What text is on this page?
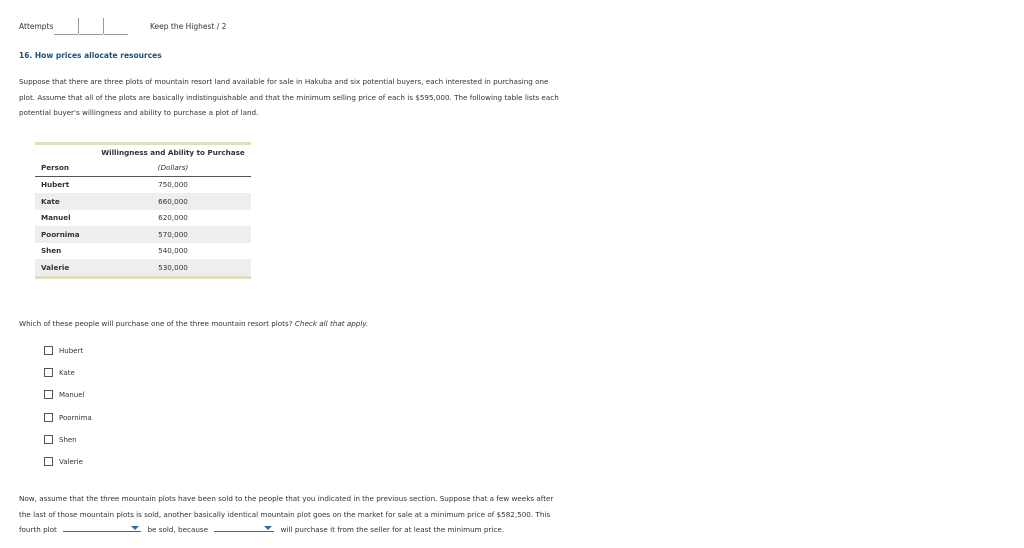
Attempts	Keep the Highest / 2
16. How prices allocate resources
Suppose that there are three plots of mountain resort land available for sale in Hakuba and six potential buyers, each interested in purchasing one
plot. Assume that all of the plots are basically indistinguishable and that the minimum selling price of each is $595,000. The following table lists each
potential buyer's willingness and ability to purchase a plot of land.
	Willingness and Ability to Purchase
Person	(Dollars)
Hubert	750,000
Kate	660,000
Manuel	620,000
Poornima	570,000
Shen	540,000
Valerie	530,000
Which of these people will purchase one of the three mountain resort plots? Check all that apply.
Hubert
Kate
Manuel
Poornima
Shen
Valerie
Now, assume that the three mountain plots have been sold to the people that you indicated in the previous section. Suppose that a few weeks after
the last of those mountain plots is sold, another basically identical mountain plot goes on the market for sale at a minimum price of $582,500. This
fourth plot	be sold, because	will purchase it from the seller for at least the minimum price.
